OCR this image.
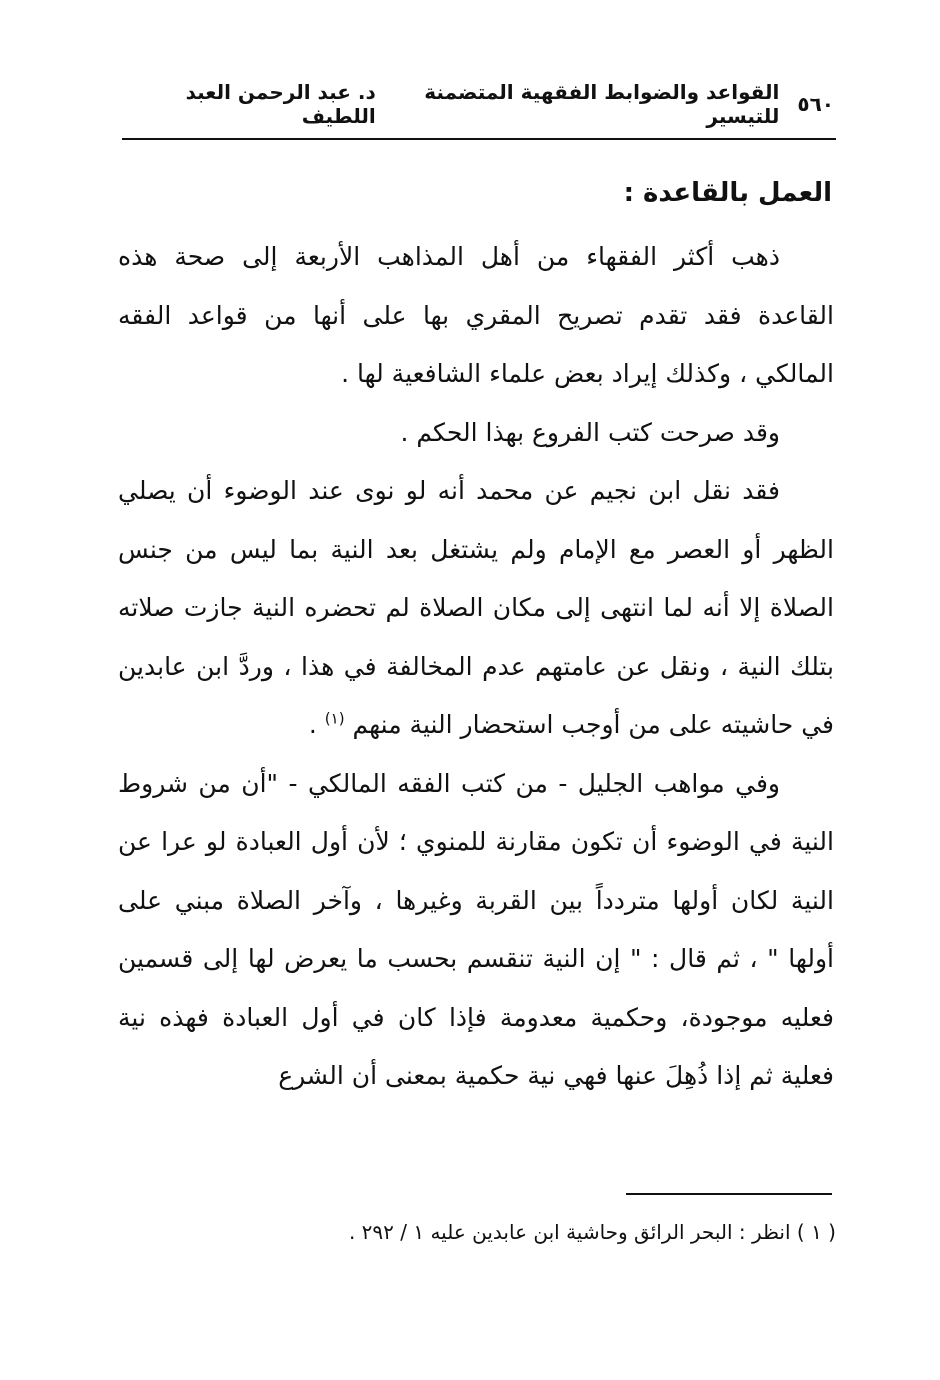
٥٦٠
القواعد والضوابط الفقهية المتضمنة للتيسير
د. عبد الرحمن العبد اللطيف
العمل بالقاعدة :

ذهب أكثر الفقهاء من أهل المذاهب الأربعة إلى صحة هذه القاعدة فقد تقدم تصريح المقري بها على أنها من قواعد الفقه المالكي ، وكذلك إيراد بعض علماء الشافعية لها .

وقد صرحت كتب الفروع بهذا الحكم .

فقد نقل ابن نجيم عن محمد أنه لو نوى عند الوضوء أن يصلي الظهر أو العصر مع الإمام ولم يشتغل بعد النية بما ليس من جنس الصلاة إلا أنه لما انتهى إلى مكان الصلاة لم تحضره النية جازت صلاته بتلك النية ، ونقل عن عامتهم عدم المخالفة في هذا ، وردَّ ابن عابدين في حاشيته على من أوجب استحضار النية منهم $^{(١)}$ .

وفي مواهب الجليل - من كتب الفقه المالكي - "أن من شروط النية في الوضوء أن تكون مقارنة للمنوي ؛ لأن أول العبادة لو عرا عن النية لكان أولها متردداً بين القربة وغيرها ، وآخر الصلاة مبني على أولها " ، ثم قال : " إن النية تنقسم بحسب ما يعرض لها إلى قسمين فعليه موجودة، وحكمية معدومة فإذا كان في أول العبادة فهذه نية فعلية ثم إذا ذُهِلَ عنها فهي نية حكمية بمعنى أن الشرع

( ١ ) انظر : البحر الرائق وحاشية ابن عابدين عليه ١ / ٢٩٢ .
